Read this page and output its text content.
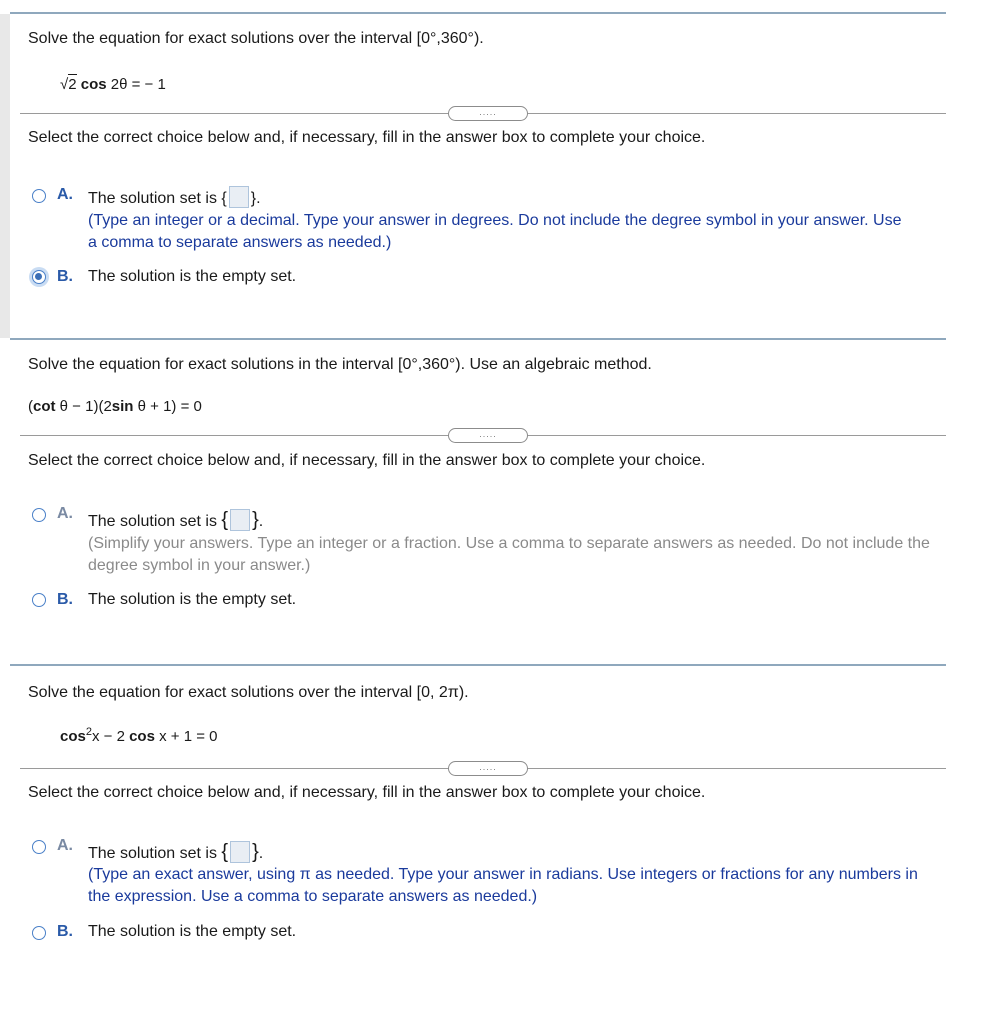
Solve the equation for exact solutions over the interval [0°,360°).
√2 cos 2θ = − 1
.....
Select the correct choice below and, if necessary, fill in the answer box to complete your choice.
A. The solution set is { }.
(Type an integer or a decimal. Type your answer in degrees. Do not include the degree symbol in your answer. Use a comma to separate answers as needed.)
B. The solution is the empty set.
Solve the equation for exact solutions in the interval [0°,360°). Use an algebraic method.
(cot θ − 1)(2sin θ + 1) = 0
.....
Select the correct choice below and, if necessary, fill in the answer box to complete your choice.
A. The solution set is { }.
(Simplify your answers. Type an integer or a fraction. Use a comma to separate answers as needed. Do not include the degree symbol in your answer.)
B. The solution is the empty set.
Solve the equation for exact solutions over the interval [0, 2π).
$\cos^2x - 2$ cos x + 1 = 0
.....
Select the correct choice below and, if necessary, fill in the answer box to complete your choice.
A. The solution set is { }.
(Type an exact answer, using π as needed. Type your answer in radians. Use integers or fractions for any numbers in the expression. Use a comma to separate answers as needed.)
B. The solution is the empty set.
